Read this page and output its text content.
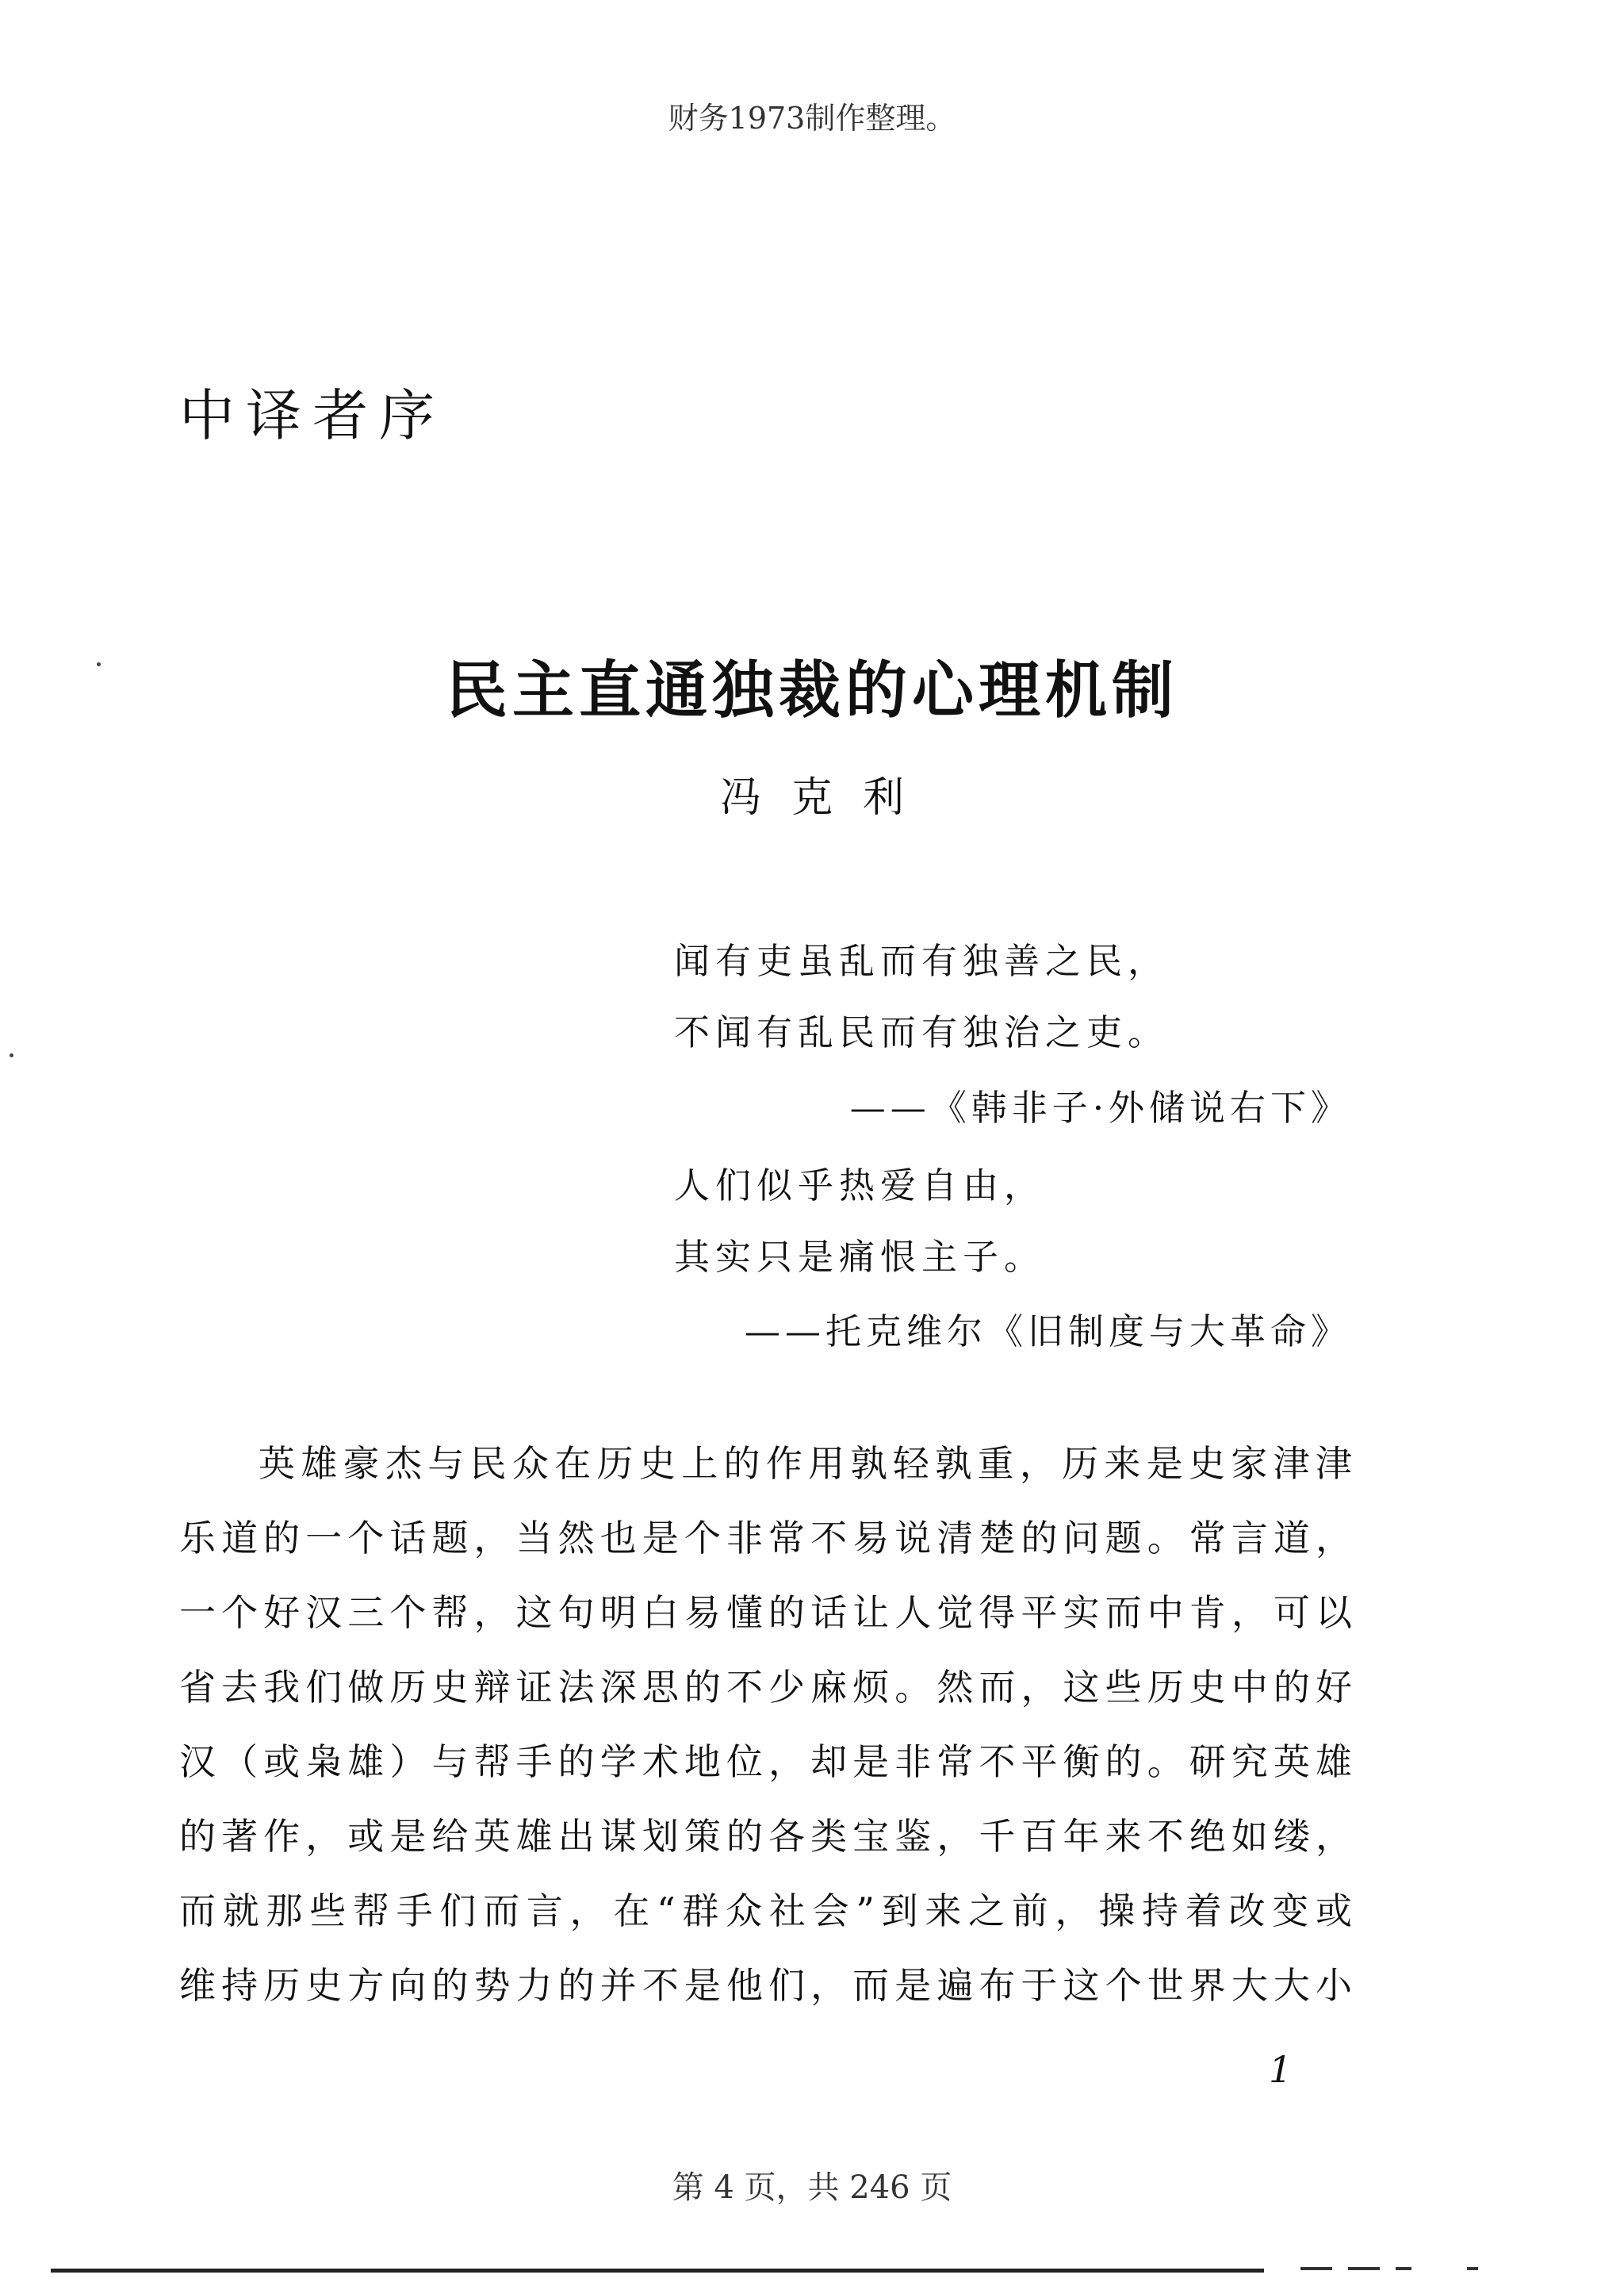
财务1973制作整理。
中译者序
民主直通独裁的心理机制
冯克利
闻有吏虽乱而有独善之民，
不闻有乱民而有独治之吏。
——《韩非子·外储说右下》
人们似乎热爱自由，
其实只是痛恨主子。
——托克维尔《旧制度与大革命》
英雄豪杰与民众在历史上的作用孰轻孰重，历来是史家津津
乐道的一个话题，当然也是个非常不易说清楚的问题。常言道，
一个好汉三个帮，这句明白易懂的话让人觉得平实而中肯，可以
省去我们做历史辩证法深思的不少麻烦。然而，这些历史中的好
汉（或枭雄）与帮手的学术地位，却是非常不平衡的。研究英雄
的著作，或是给英雄出谋划策的各类宝鉴，千百年来不绝如缕，
而就那些帮手们而言，在“群众社会”到来之前，操持着改变或
维持历史方向的势力的并不是他们，而是遍布于这个世界大大小
1
第 4 页，共 246 页
